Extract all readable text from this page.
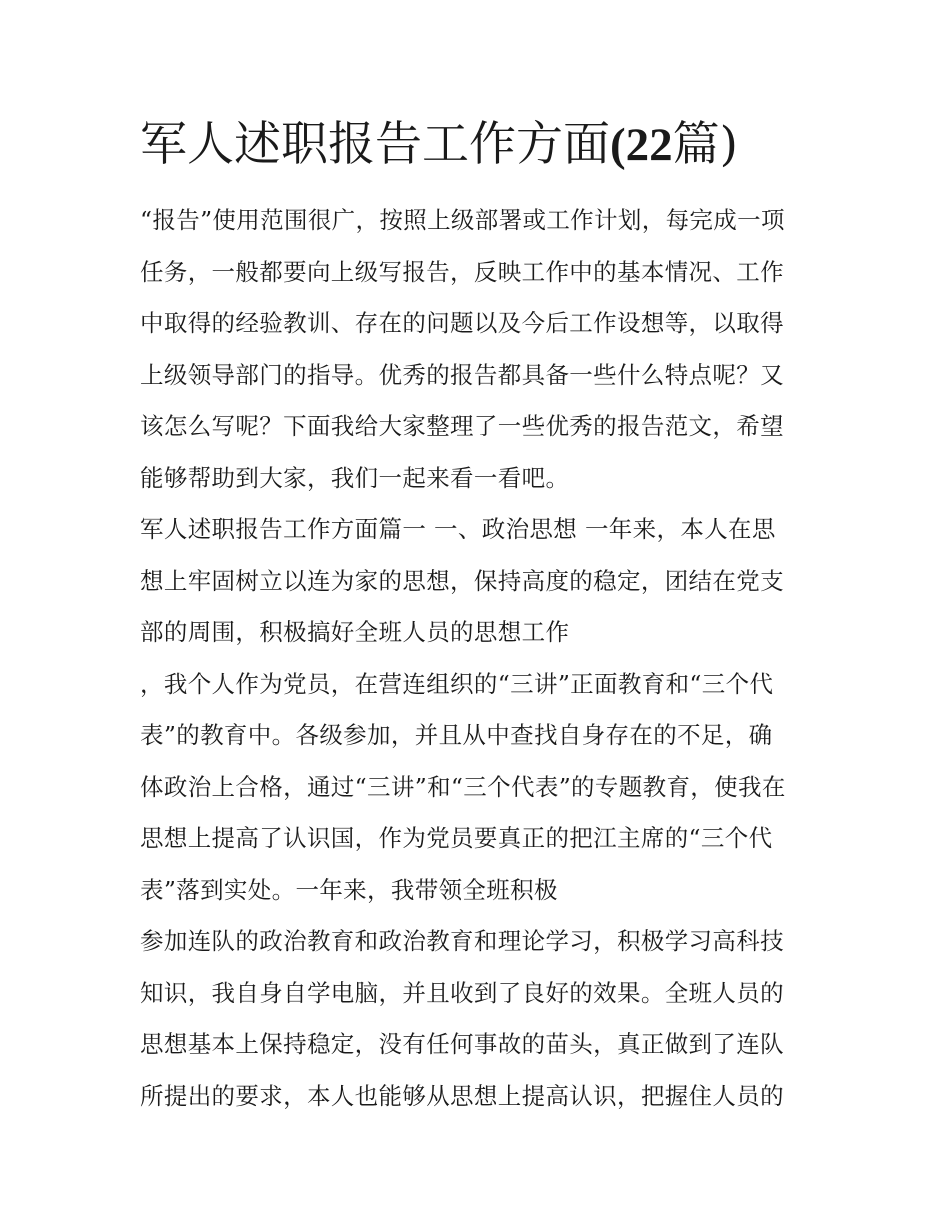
军人述职报告工作方面(22篇)
“报告”使用范围很广，按照上级部署或工作计划，每完成一项
任务，一般都要向上级写报告，反映工作中的基本情况、工作
中取得的经验教训、存在的问题以及今后工作设想等，以取得
上级领导部门的指导。优秀的报告都具备一些什么特点呢？又
该怎么写呢？下面我给大家整理了一些优秀的报告范文，希望
能够帮助到大家，我们一起来看一看吧。
军人述职报告工作方面篇一 一、政治思想 一年来，本人在思
想上牢固树立以连为家的思想，保持高度的稳定，团结在党支
部的周围，积极搞好全班人员的思想工作
，我个人作为党员，在营连组织的“三讲”正面教育和“三个代
表”的教育中。各级参加，并且从中查找自身存在的不足，确
体政治上合格，通过“三讲”和“三个代表”的专题教育，使我在
思想上提高了认识国，作为党员要真正的把江主席的“三个代
表”落到实处。一年来，我带领全班积极
参加连队的政治教育和政治教育和理论学习，积极学习高科技
知识，我自身自学电脑，并且收到了良好的效果。全班人员的
思想基本上保持稳定，没有任何事故的苗头，真正做到了连队
所提出的要求，本人也能够从思想上提高认识，把握住人员的
